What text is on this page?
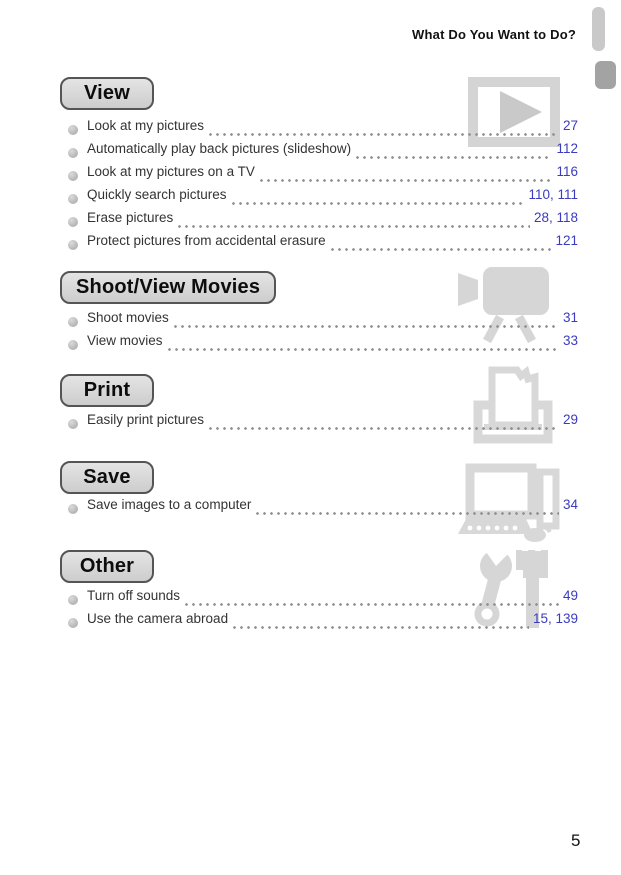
What Do You Want to Do?
View
Look at my pictures	27
Automatically play back pictures (slideshow)	112
Look at my pictures on a TV	116
Quickly search pictures	110, 111
Erase pictures	28, 118
Protect pictures from accidental erasure	121
Shoot/View Movies
Shoot movies	31
View movies	33
Print
Easily print pictures	29
Save
Save images to a computer	34
Other
Turn off sounds	49
Use the camera abroad	15, 139
5
